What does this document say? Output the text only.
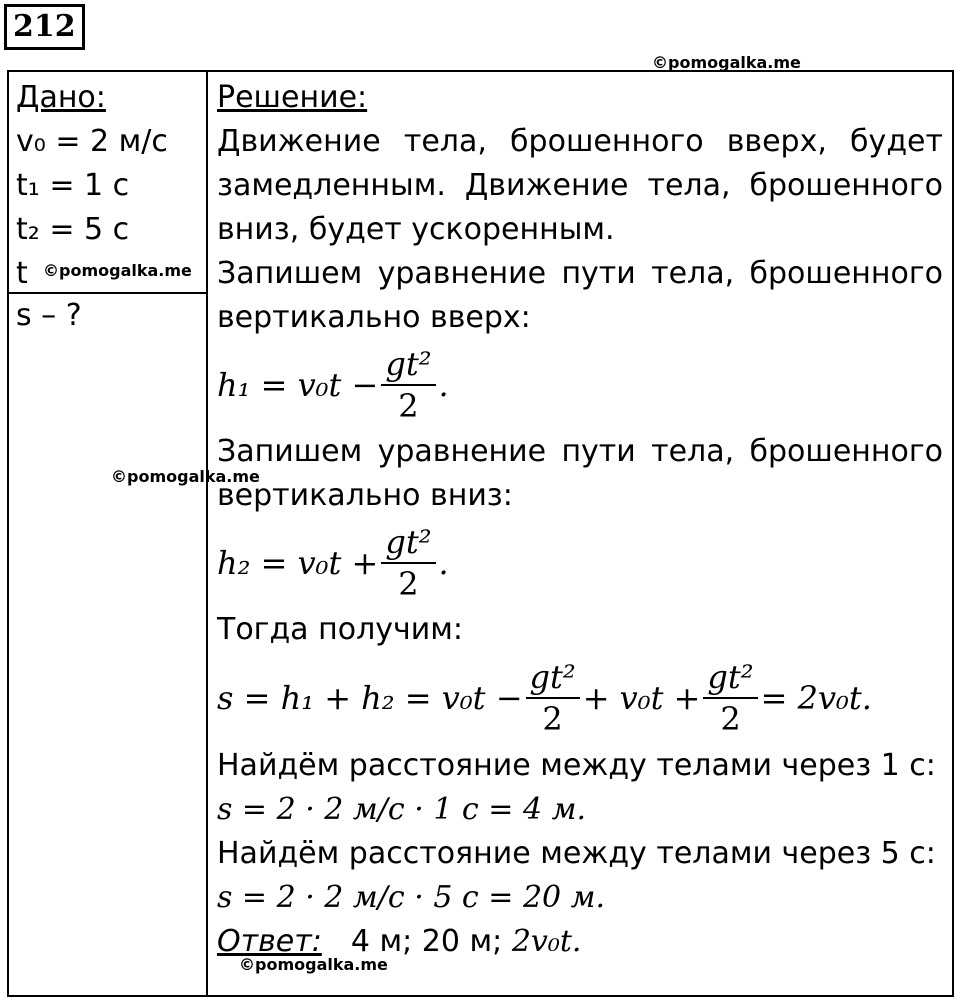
212
©pomogalka.me
Дано:
v₀ = 2 м/с
t₁ = 1 с
t₂ = 5 с
t ©pomogalka.me
s – ?
©pomogalka.me
Решение:
Движение тела, брошенного вверх, будет замедленным. Движение тела, брошенного вниз, будет ускоренным.
Запишем уравнение пути тела, брошенного вертикально вверх:
$h_1 = v_0t - \frac{\text{gt²}}{2}$ .
Запишем уравнение пути тела, брошенного вертикально вниз:
$h_2 = v_0t + \frac{\text{gt²}}{2}$ .
Тогда получим:
$s = h_1 + h_2 = v_0t - \frac{\text{gt²}}{2} + v_0t + \frac{\text{gt²}}{2} = 2v_0t$.
Найдём расстояние между телами через 1 с:
s = 2 · 2 м/с · 1 с = 4 м.
Найдём расстояние между телами через 5 с:
s = 2 · 2 м/с · 5 с = 20 м.
Ответ: 4 м; 20 м; 2v₀t.
©pomogalka.me
